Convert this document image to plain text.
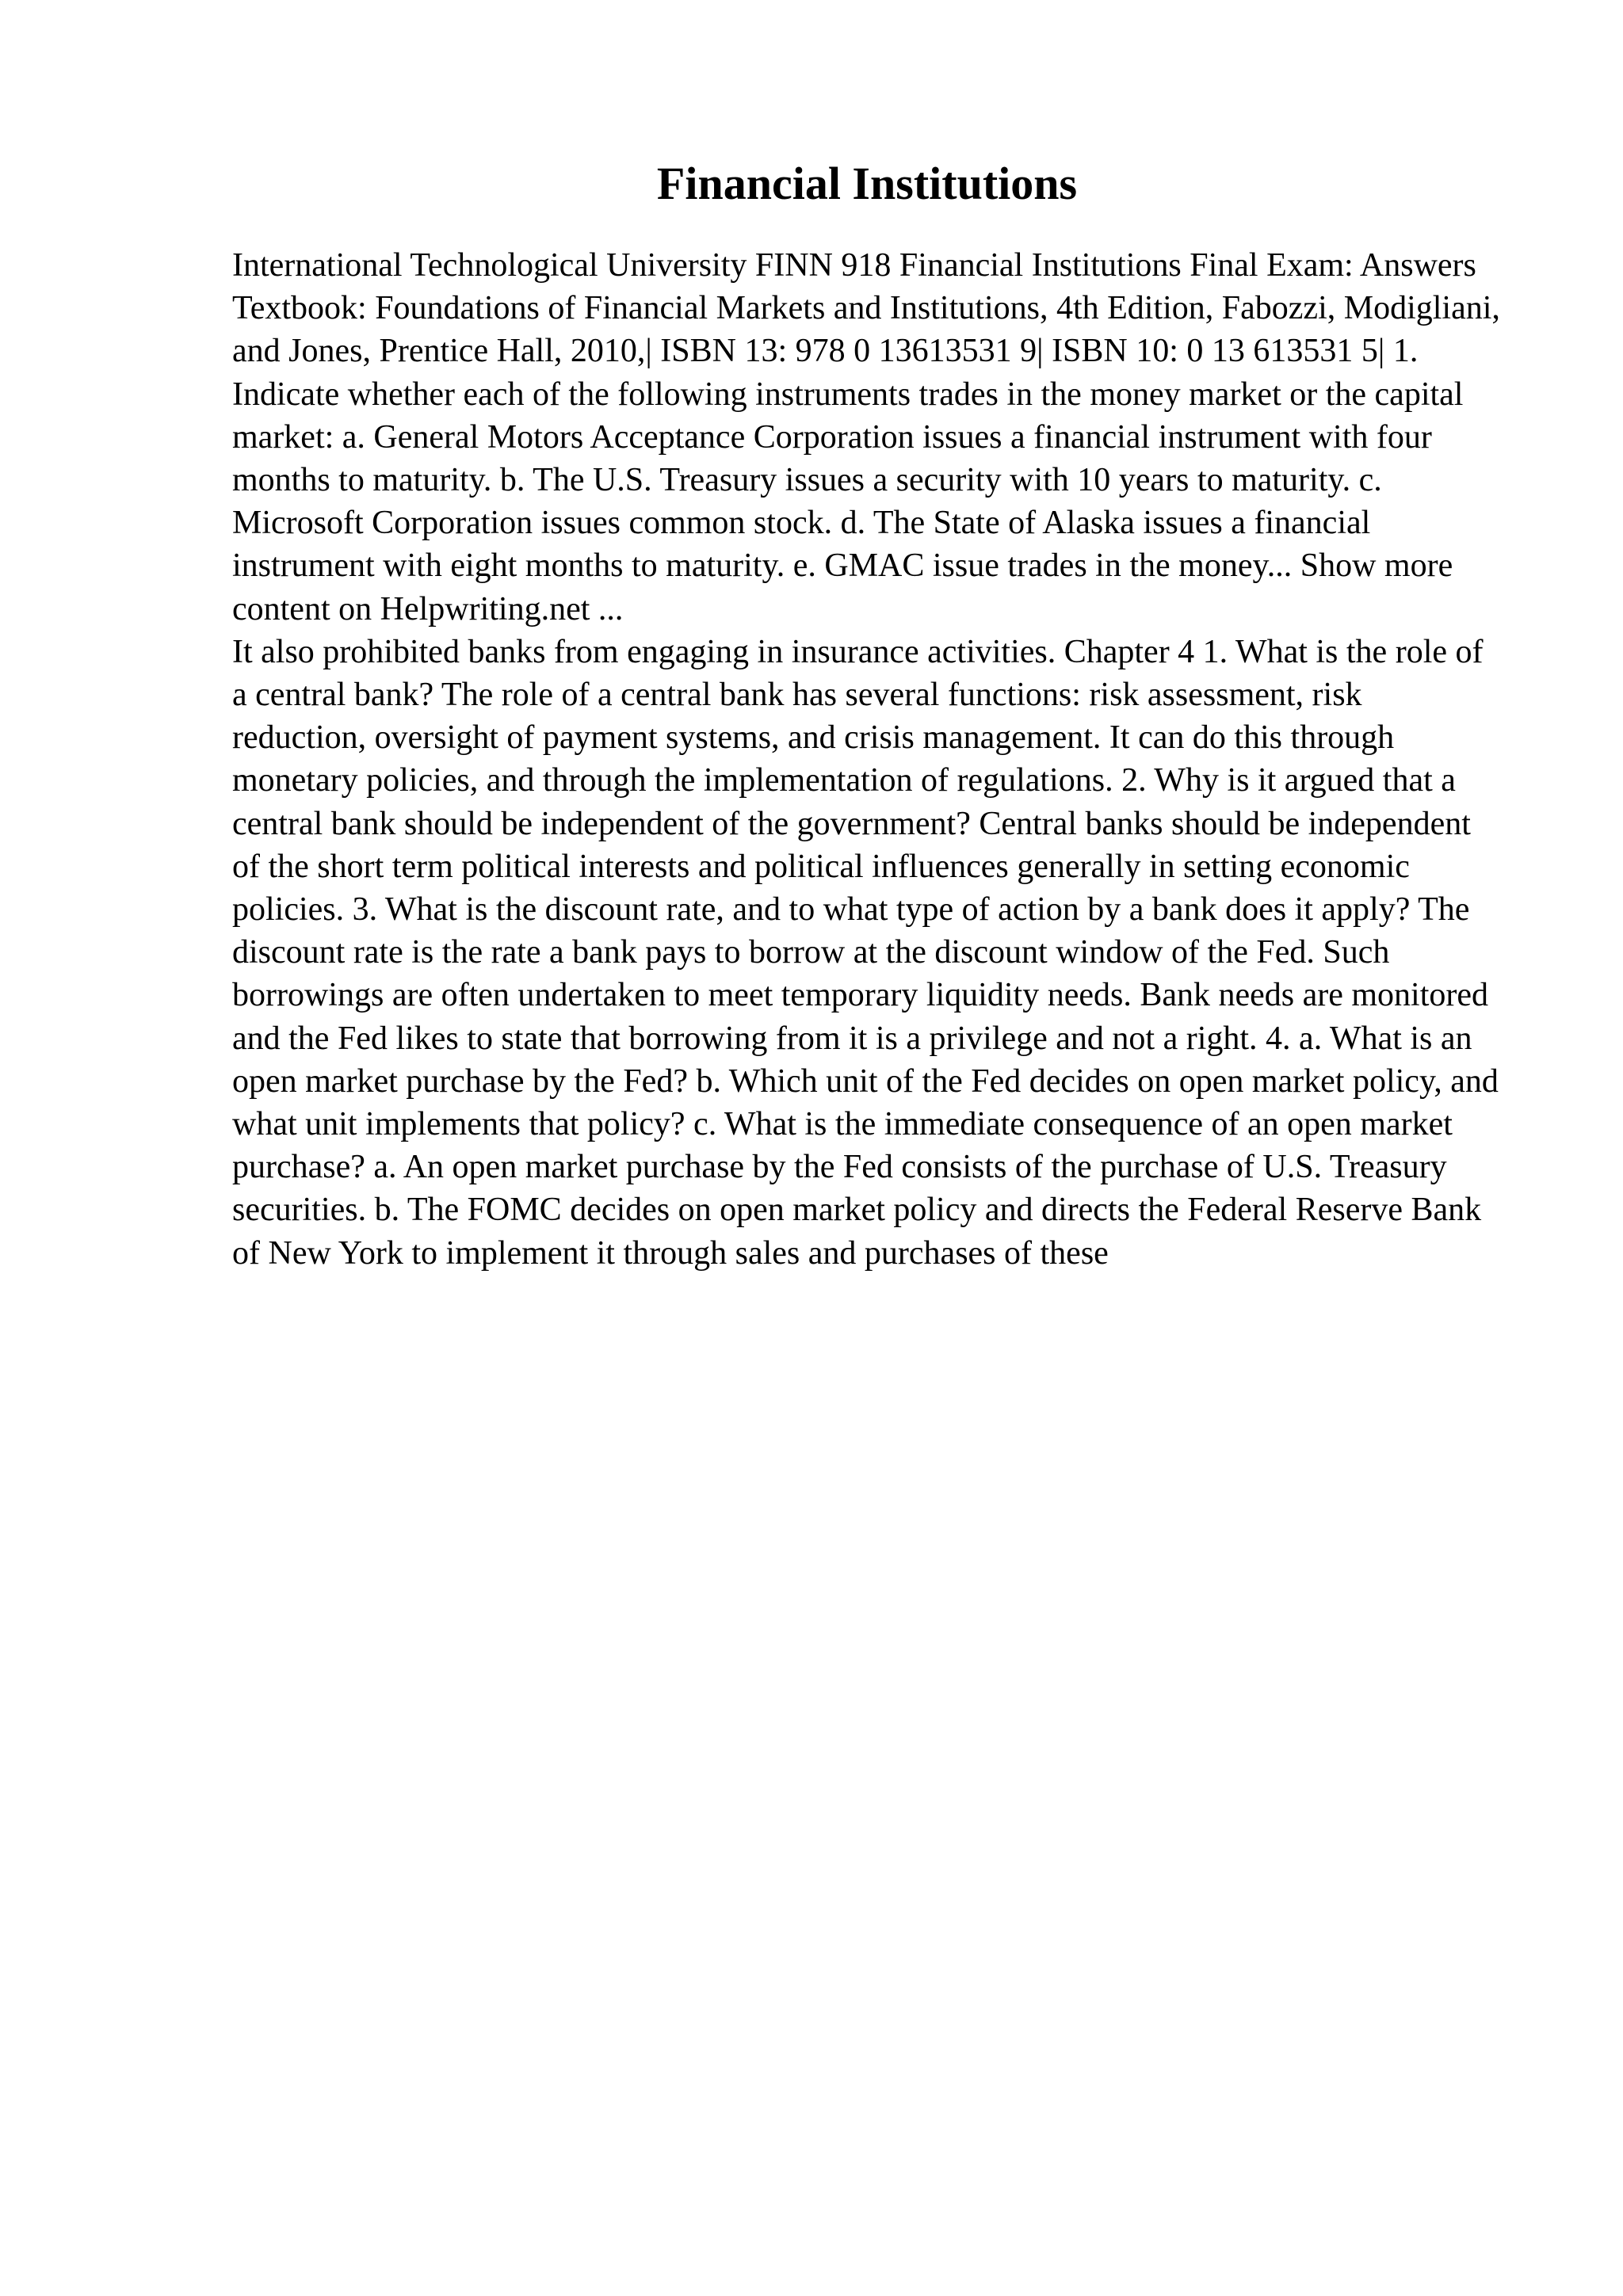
Financial Institutions

International Technological University FINN 918 Financial Institutions Final Exam: Answers Textbook: Foundations of Financial Markets and Institutions, 4th Edition, Fabozzi, Modigliani, and Jones, Prentice Hall, 2010,| ISBN 13: 978 0 13613531 9| ISBN 10: 0 13 613531 5| 1. Indicate whether each of the following instruments trades in the money market or the capital market: a. General Motors Acceptance Corporation issues a financial instrument with four months to maturity. b. The U.S. Treasury issues a security with 10 years to maturity. c. Microsoft Corporation issues common stock. d. The State of Alaska issues a financial instrument with eight months to maturity. e. GMAC issue trades in the money... Show more content on Helpwriting.net ...

It also prohibited banks from engaging in insurance activities. Chapter 4 1. What is the role of a central bank? The role of a central bank has several functions: risk assessment, risk reduction, oversight of payment systems, and crisis management. It can do this through monetary policies, and through the implementation of regulations. 2. Why is it argued that a central bank should be independent of the government? Central banks should be independent of the short term political interests and political influences generally in setting economic policies. 3. What is the discount rate, and to what type of action by a bank does it apply? The discount rate is the rate a bank pays to borrow at the discount window of the Fed. Such borrowings are often undertaken to meet temporary liquidity needs. Bank needs are monitored and the Fed likes to state that borrowing from it is a privilege and not a right. 4. a. What is an open market purchase by the Fed? b. Which unit of the Fed decides on open market policy, and what unit implements that policy? c. What is the immediate consequence of an open market purchase? a. An open market purchase by the Fed consists of the purchase of U.S. Treasury securities. b. The FOMC decides on open market policy and directs the Federal Reserve Bank of New York to implement it through sales and purchases of these
